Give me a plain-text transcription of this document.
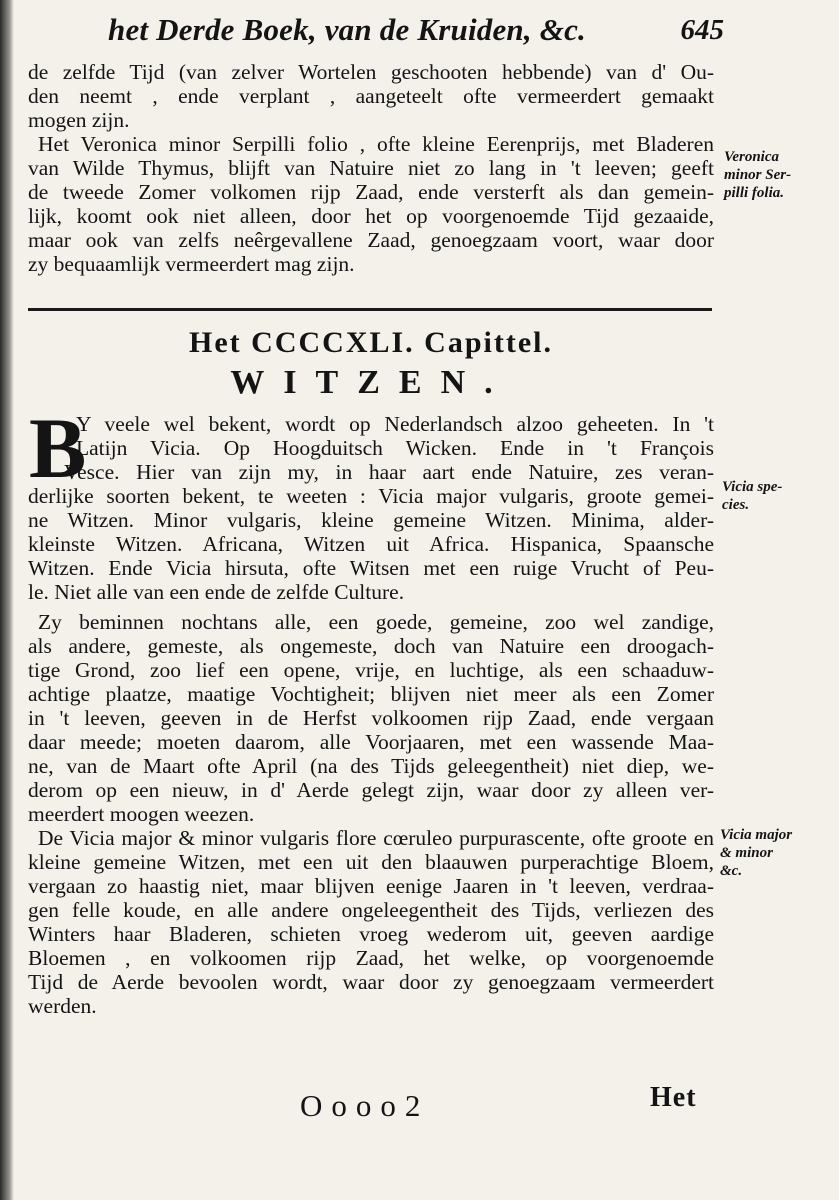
het Derde Boek, van de Kruiden, &c.	645
de zelfde Tijd (van zelver Wortelen geschooten hebbende) van d' Ou-
den neemt , ende verplant , aangeteelt ofte vermeerdert gemaakt
mogen zijn.
Het Veronica minor Serpilli folio , ofte kleine Eerenprijs, met Bladeren
van Wilde Thymus, blijft van Natuire niet zo lang in 't leeven; geeft
de tweede Zomer volkomen rijp Zaad, ende versterft als dan gemein-
lijk, koomt ook niet alleen, door het op voorgenoemde Tijd gezaaide,
maar ook van zelfs neêrgevallene Zaad, genoegzaam voort, waar door
zy bequaamlijk vermeerdert mag zijn.
Veronica
minor Ser-
pilli folia.
Het CCCCXLI. Capittel.
WITZEN.
B
Y veele wel bekent, wordt op Nederlandsch alzoo geheeten. In 't
Latijn Vicia. Op Hoogduitsch Wicken. Ende in 't François
Vesce. Hier van zijn my, in haar aart ende Natuire, zes veran-
derlijke soorten bekent, te weeten : Vicia major vulgaris, groote gemei-
ne Witzen. Minor vulgaris, kleine gemeine Witzen. Minima, alder-
kleinste Witzen. Africana, Witzen uit Africa. Hispanica, Spaansche
Witzen. Ende Vicia hirsuta, ofte Witsen met een ruige Vrucht of Peu-
le. Niet alle van een ende de zelfde Culture.
Vicia spe-
cies.
Zy beminnen nochtans alle, een goede, gemeine, zoo wel zandige,
als andere, gemeste, als ongemeste, doch van Natuire een droogach-
tige Grond, zoo lief een opene, vrije, en luchtige, als een schaaduw-
achtige plaatze, maatige Vochtigheit; blijven niet meer als een Zomer
in 't leeven, geeven in de Herfst volkoomen rijp Zaad, ende vergaan
daar meede; moeten daarom, alle Voorjaaren, met een wassende Maa-
ne, van de Maart ofte April (na des Tijds geleegentheit) niet diep, we-
derom op een nieuw, in d' Aerde gelegt zijn, waar door zy alleen ver-
meerdert moogen weezen.
De Vicia major & minor vulgaris flore cœruleo purpurascente, ofte groote en
kleine gemeine Witzen, met een uit den blaauwen purperachtige Bloem,
vergaan zo haastig niet, maar blijven eenige Jaaren in 't leeven, verdraa-
gen felle koude, en alle andere ongeleegentheit des Tijds, verliezen des
Winters haar Bladeren, schieten vroeg wederom uit, geeven aardige
Bloemen , en volkoomen rijp Zaad, het welke, op voorgenoemde
Tijd de Aerde bevoolen wordt, waar door zy genoegzaam vermeerdert
werden.
Vicia major
& minor
&c.
Oooo2	Het
